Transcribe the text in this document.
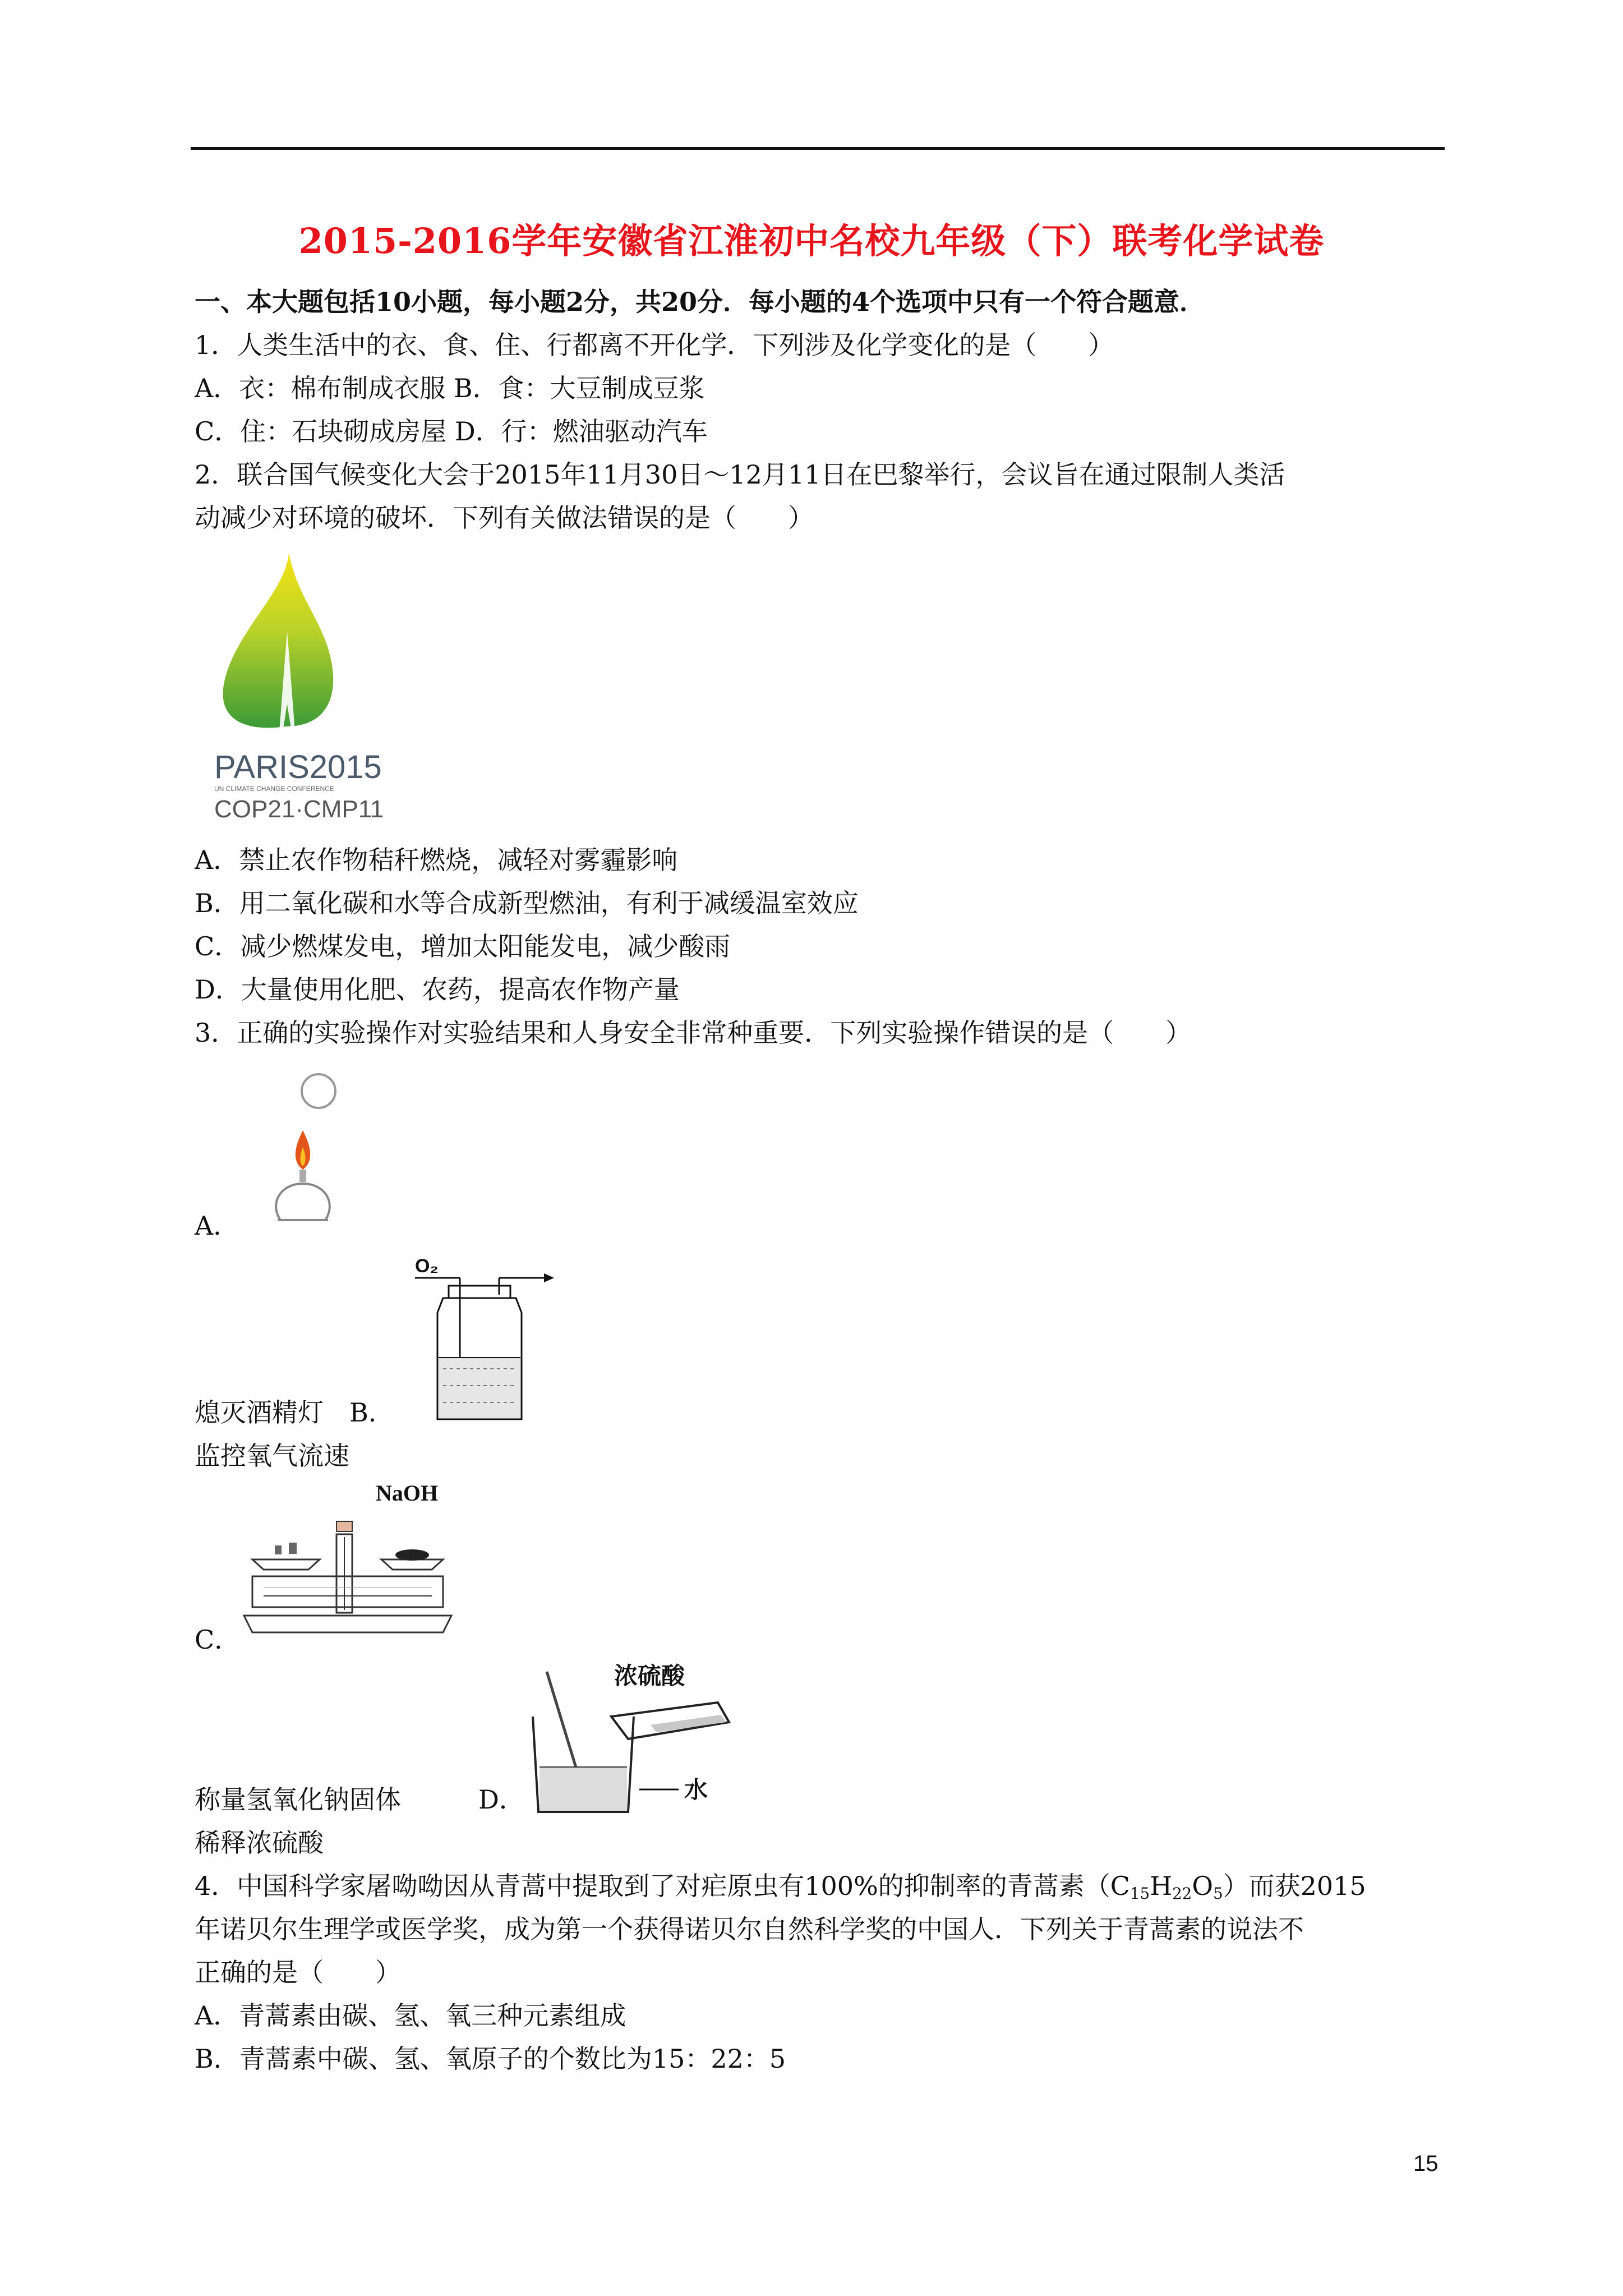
2015-2016学年安徽省江淮初中名校九年级（下）联考化学试卷
一、本大题包括10小题，每小题2分，共20分．每小题的4个选项中只有一个符合题意．
1．人类生活中的衣、食、住、行都离不开化学．下列涉及化学变化的是（　　）
A．衣：棉布制成衣服 B．食：大豆制成豆浆
C．住：石块砌成房屋 D．行：燃油驱动汽车
2．联合国气候变化大会于2015年11月30日～12月11日在巴黎举行，会议旨在通过限制人类活
动减少对环境的破坏．下列有关做法错误的是（　　）
PARIS2015
UN CLIMATE CHANGE CONFERENCE
COP21·CMP11
A．禁止农作物秸秆燃烧，减轻对雾霾影响
B．用二氧化碳和水等合成新型燃油，有利于减缓温室效应
C．减少燃煤发电，增加太阳能发电，减少酸雨
D．大量使用化肥、农药，提高农作物产量
3．正确的实验操作对实验结果和人身安全非常种重要．下列实验操作错误的是（　　）
A．
O₂
熄灭酒精灯　 B．
监控氧气流速
NaOH
C．
浓硫酸
水
称量氢氧化钠固体　　　	D．
稀释浓硫酸
4．中国科学家屠呦呦因从青蒿中提取到了对疟原虫有100%的抑制率的青蒿素$(C_{15}H_{22}O_5)$而获2015
年诺贝尔生理学或医学奖，成为第一个获得诺贝尔自然科学奖的中国人．下列关于青蒿素的说法不
正确的是（　　）
A．青蒿素由碳、氢、氧三种元素组成
B．青蒿素中碳、氢、氧原子的个数比为15：22：5
15
